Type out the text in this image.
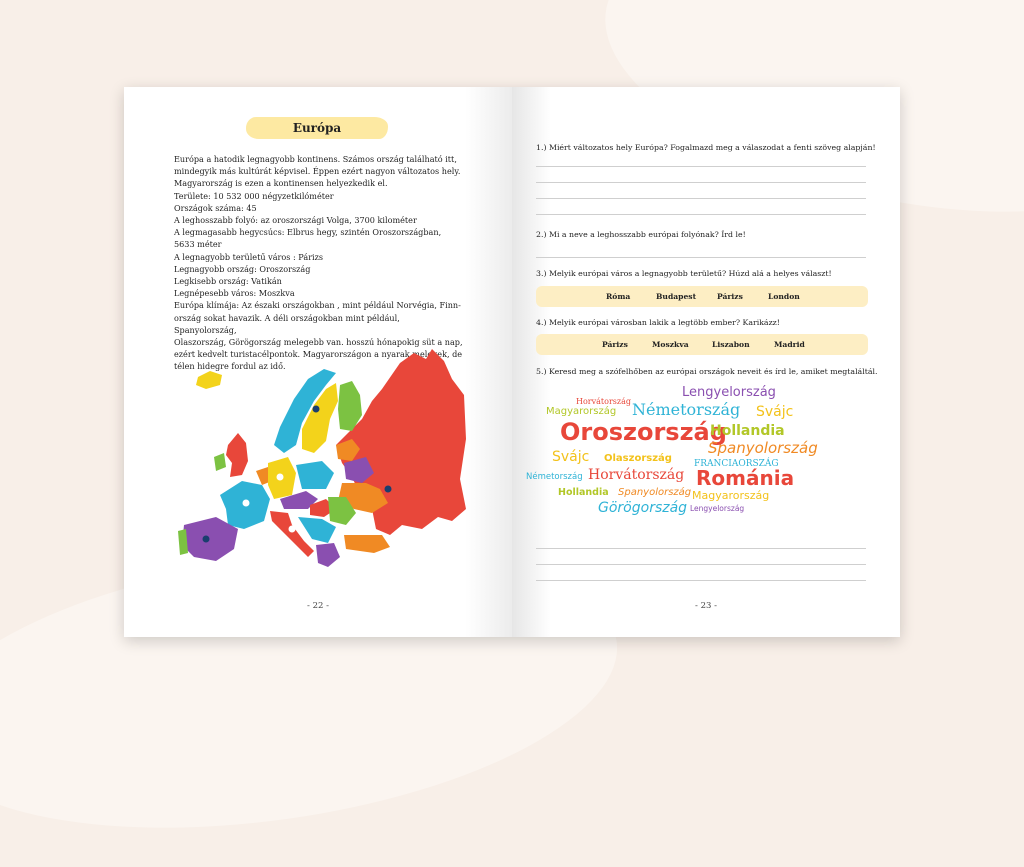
Európa
Európa a hatodik legnagyobb kontinens. Számos ország található itt,
mindegyik más kultúrát képvisel. Éppen ezért nagyon változatos hely.
Magyarország is ezen a kontinensen helyezkedik el.
Területe: 10 532 000 négyzetkilóméter
Országok száma: 45
A leghosszabb folyó: az oroszországi Volga, 3700 kilométer
A legmagasabb hegycsúcs: Elbrus hegy, szintén Oroszországban, 5633 méter
A legnagyobb területű város : Párizs
Legnagyobb ország: Oroszország
Legkisebb ország: Vatikán
Legnépesebb város: Moszkva
Európa klímája: Az északi országokban , mint például Norvégia, Finn-
ország sokat havazik. A déli országokban mint például, Spanyolország,
Olaszország, Görögország melegebb van. hosszú hónapokig süt a nap,
ezért kedvelt turistacélpontok. Magyarországon a nyarak melegek, de
télen hidegre fordul az idő.
- 22 -
1.) Miért változatos hely Európa? Fogalmazd meg a válaszodat a fenti szöveg alapján!
2.) Mi a neve a leghosszabb európai folyónak? Írd le!
3.) Melyik európai város a legnagyobb területű? Húzd alá a helyes választ!
Róma	Budapest	Párizs	London
4.) Melyik európai városban lakik a legtöbb ember? Karikázz!
Párizs	Moszkva	Liszabon	Madrid
5.) Keresd meg a szófelhőben az európai országok neveit és írd le, amiket megtaláltál.
Lengyelország
Horvátország
Magyarország Németország Svájc
Oroszország
Hollandia
Spanyolország
Svájc Olaszország FRANCIAORSZÁG
Németország Horvátország Románia
Hollandia Spanyolország Magyarország
Görögország Lengyelország
- 23 -
